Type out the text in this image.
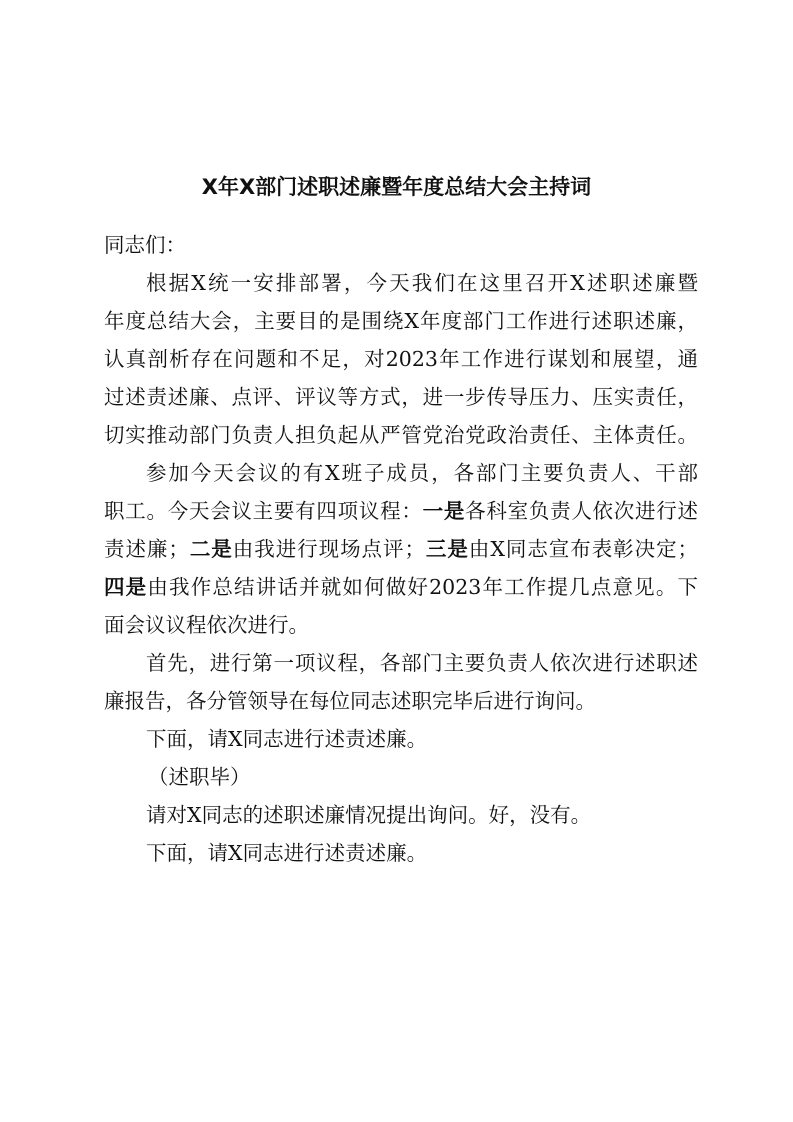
X年X部门述职述廉暨年度总结大会主持词
同志们：
根据X统一安排部署，今天我们在这里召开X述职述廉暨
年度总结大会，主要目的是围绕X年度部门工作进行述职述廉，
认真剖析存在问题和不足，对2023年工作进行谋划和展望，通
过述责述廉、点评、评议等方式，进一步传导压力、压实责任，
切实推动部门负责人担负起从严管党治党政治责任、主体责任。
参加今天会议的有X班子成员，各部门主要负责人、干部
职工。今天会议主要有四项议程：一是各科室负责人依次进行述
责述廉；二是由我进行现场点评；三是由X同志宣布表彰决定；
四是由我作总结讲话并就如何做好2023年工作提几点意见。下
面会议议程依次进行。
首先，进行第一项议程，各部门主要负责人依次进行述职述
廉报告，各分管领导在每位同志述职完毕后进行询问。
下面，请X同志进行述责述廉。
（述职毕）
请对X同志的述职述廉情况提出询问。好，没有。
下面，请X同志进行述责述廉。
